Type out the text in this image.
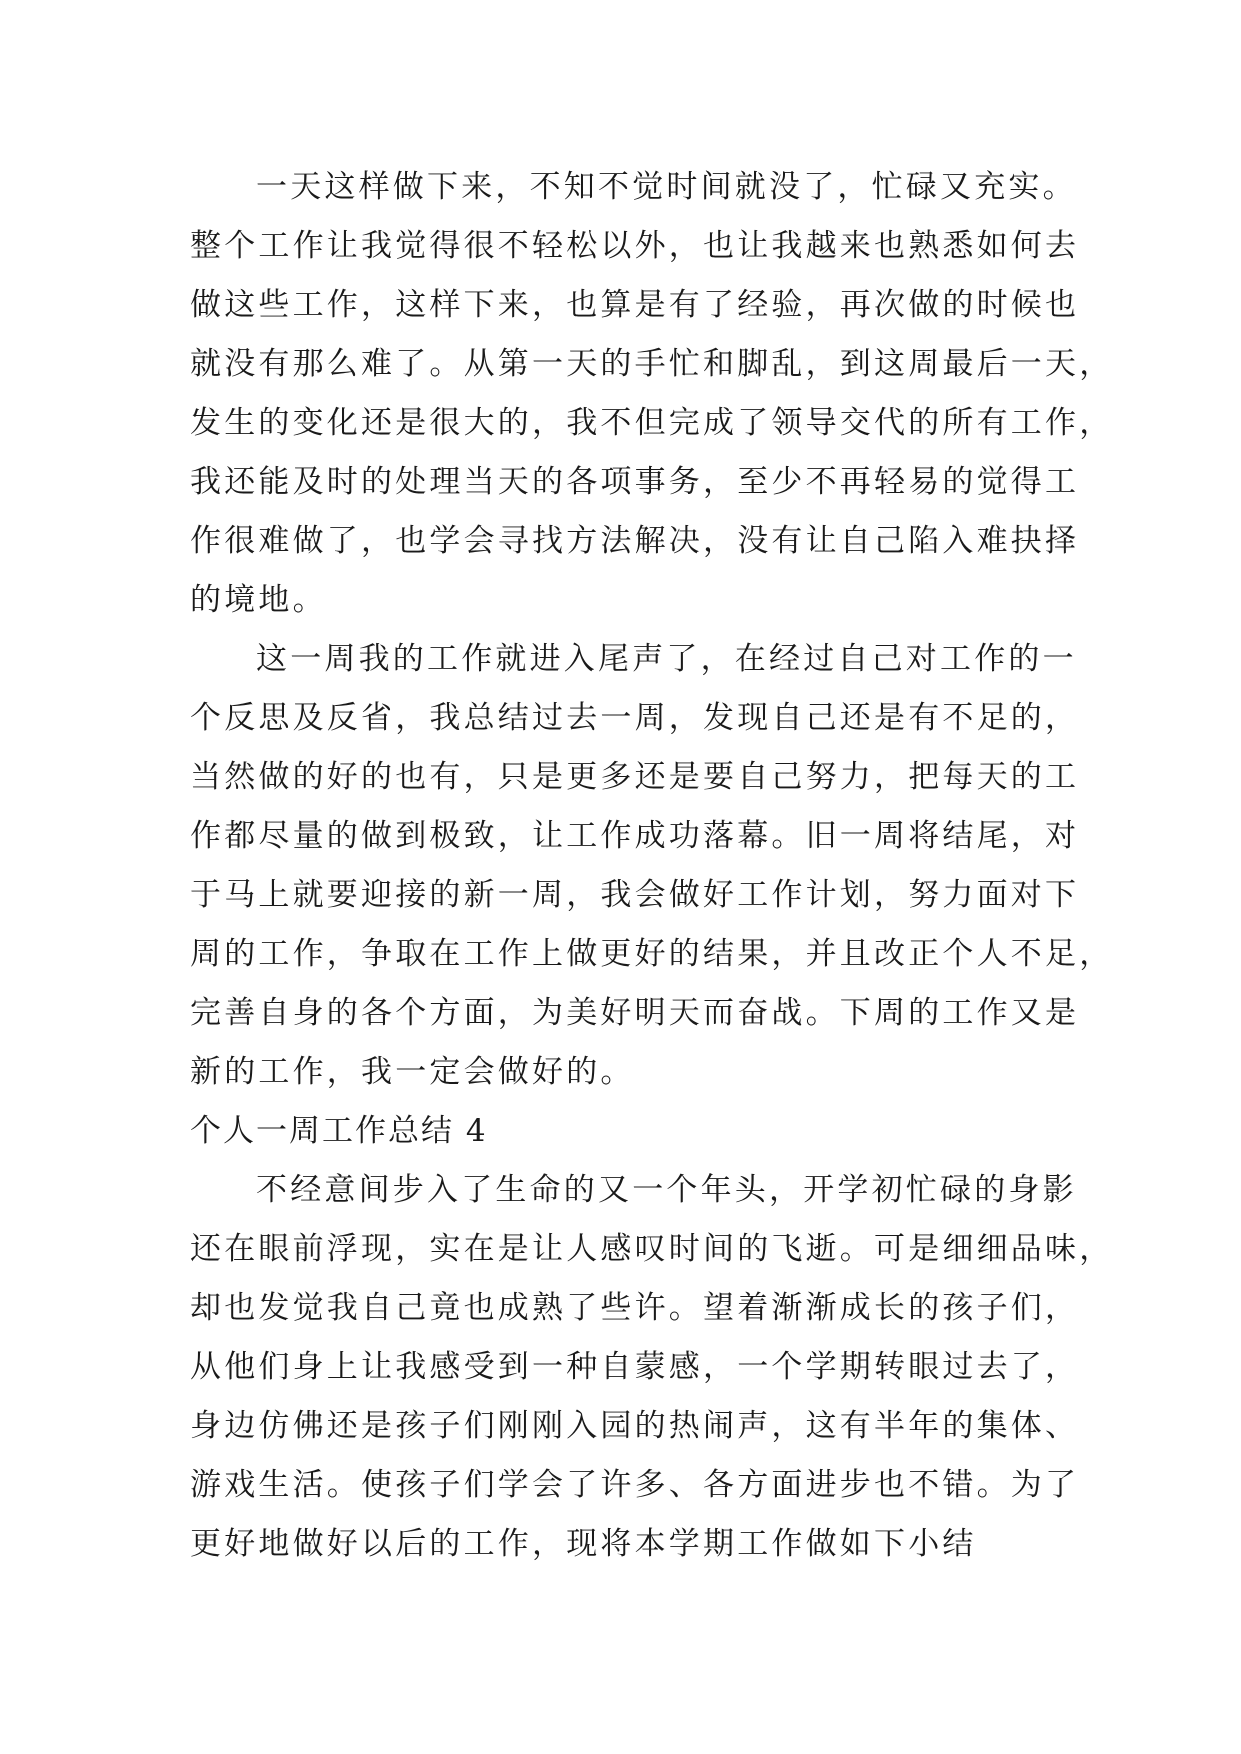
一天这样做下来，不知不觉时间就没了，忙碌又充实。
整个工作让我觉得很不轻松以外，也让我越来也熟悉如何去
做这些工作，这样下来，也算是有了经验，再次做的时候也
就没有那么难了。从第一天的手忙和脚乱，到这周最后一天，
发生的变化还是很大的，我不但完成了领导交代的所有工作，
我还能及时的处理当天的各项事务，至少不再轻易的觉得工
作很难做了，也学会寻找方法解决，没有让自己陷入难抉择
的境地。
这一周我的工作就进入尾声了，在经过自己对工作的一
个反思及反省，我总结过去一周，发现自己还是有不足的，
当然做的好的也有，只是更多还是要自己努力，把每天的工
作都尽量的做到极致，让工作成功落幕。旧一周将结尾，对
于马上就要迎接的新一周，我会做好工作计划，努力面对下
周的工作，争取在工作上做更好的结果，并且改正个人不足，
完善自身的各个方面，为美好明天而奋战。下周的工作又是
新的工作，我一定会做好的。
个人一周工作总结 4
不经意间步入了生命的又一个年头，开学初忙碌的身影
还在眼前浮现，实在是让人感叹时间的飞逝。可是细细品味，
却也发觉我自己竟也成熟了些许。望着渐渐成长的孩子们，
从他们身上让我感受到一种自蒙感，一个学期转眼过去了，
身边仿佛还是孩子们刚刚入园的热闹声，这有半年的集体、
游戏生活。使孩子们学会了许多、各方面进步也不错。为了
更好地做好以后的工作，现将本学期工作做如下小结
